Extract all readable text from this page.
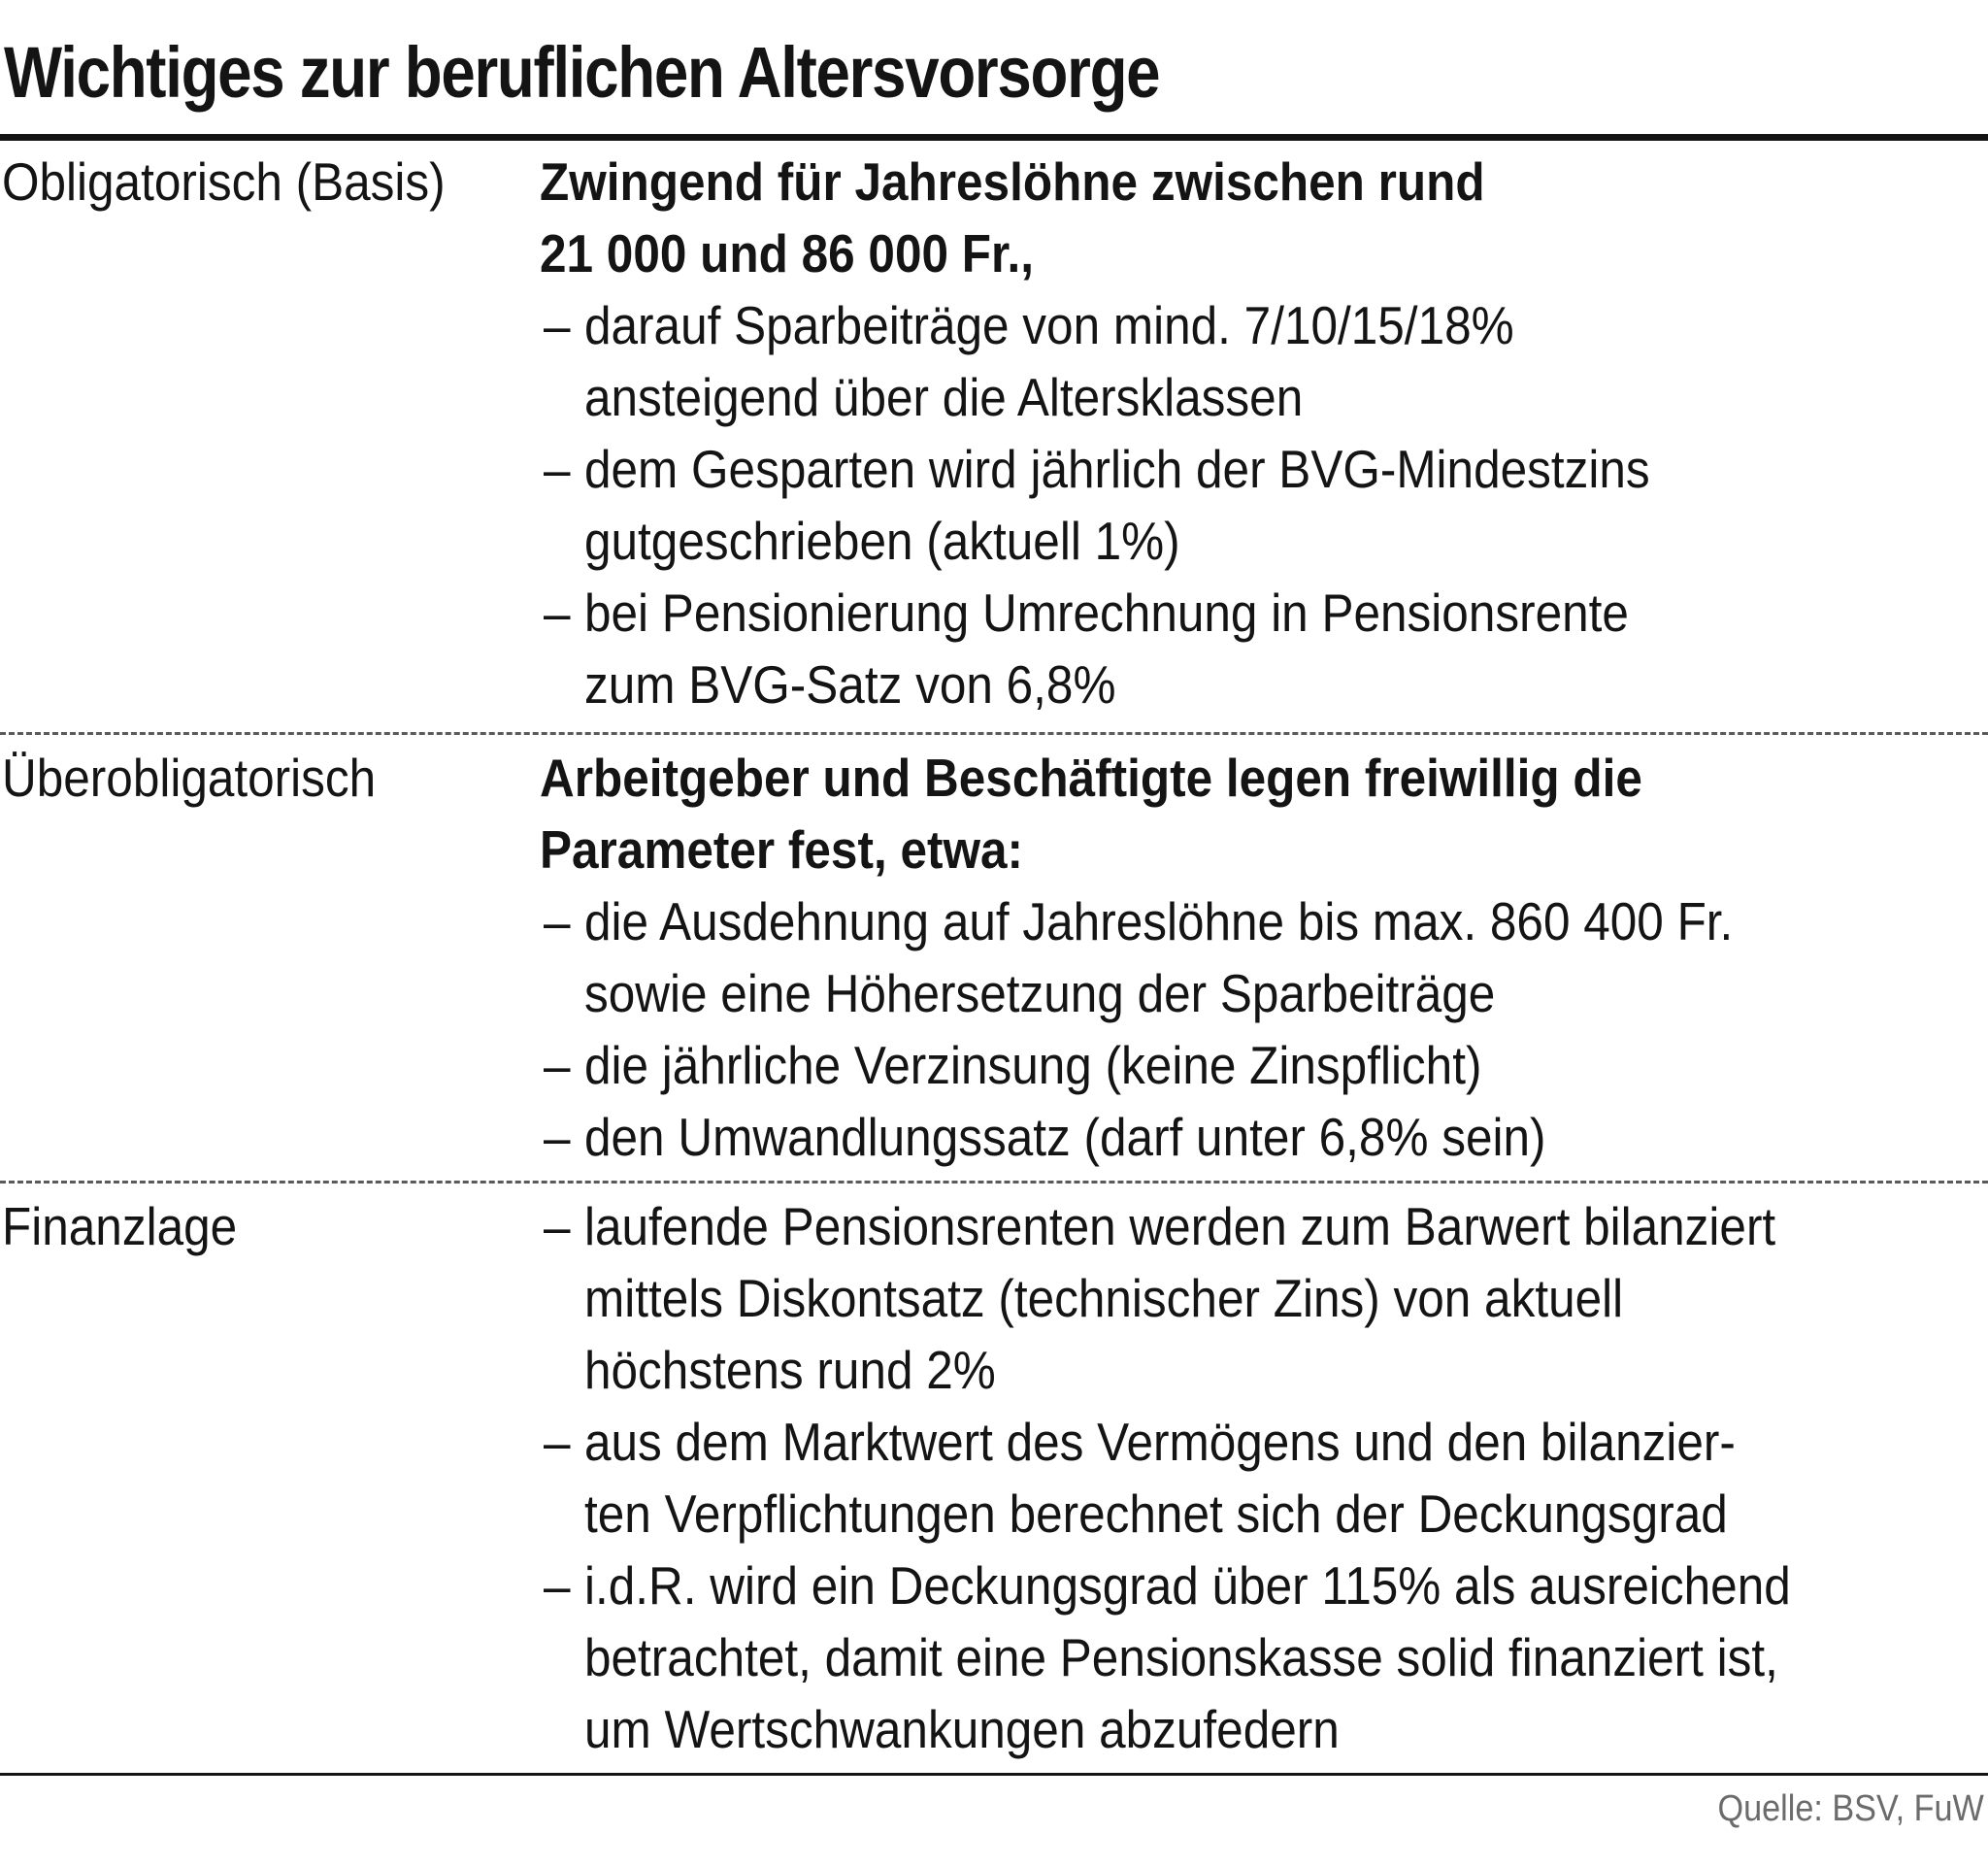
Wichtiges zur beruflichen Altersvorsorge
Obligatorisch (Basis) Zwingend für Jahreslöhne zwischen rund
21 000 und 86 000 Fr.,
– darauf Sparbeiträge von mind. 7/10/15/18%
ansteigend über die Altersklassen
– dem Gesparten wird jährlich der BVG-Mindestzins
gutgeschrieben (aktuell 1%)
– bei Pensionierung Umrechnung in Pensionsrente
zum BVG-Satz von 6,8%
Überobligatorisch	Arbeitgeber und Beschäftigte legen freiwillig die
Parameter fest, etwa:
– die Ausdehnung auf Jahreslöhne bis max. 860 400 Fr.
sowie eine Höhersetzung der Sparbeiträge
– die jährliche Verzinsung (keine Zinspflicht)
– den Umwandlungssatz (darf unter 6,8% sein)
Finanzlage	– laufende Pensionsrenten werden zum Barwert bilanziert
mittels Diskontsatz (technischer Zins) von aktuell
höchstens rund 2%
– aus dem Marktwert des Vermögens und den bilanzier-
ten Verpflichtungen berechnet sich der Deckungsgrad
– i.d.R. wird ein Deckungsgrad über 115% als ausreichend
betrachtet, damit eine Pensionskasse solid finanziert ist,
um Wertschwankungen abzufedern
Quelle: BSV, FuW
